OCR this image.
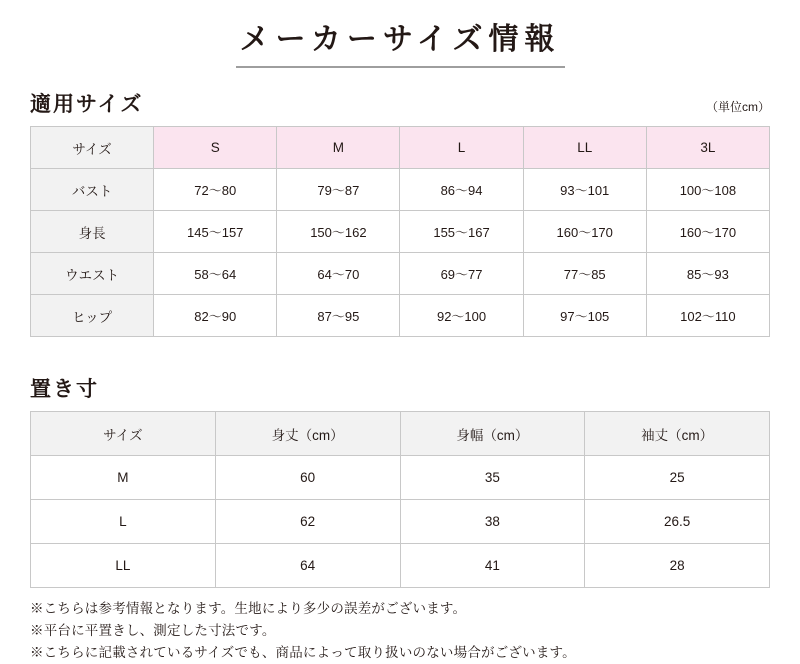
メーカーサイズ情報
適用サイズ	（単位cm）
サイズ	S	M	L	LL	3L
バスト	72〜80	79〜87	86〜94	93〜101	100〜108
身長	145〜157	150〜162	155〜167	160〜170	160〜170
ウエスト	58〜64	64〜70	69〜77	77〜85	85〜93
ヒップ	82〜90	87〜95	92〜100	97〜105	102〜110
置き寸
サイズ	身丈（cm）	身幅（cm）	袖丈（cm）
M	60	35	25
L	62	38	26.5
LL	64	41	28
※こちらは参考情報となります。生地により多少の誤差がございます。
※平台に平置きし、測定した寸法です。
※こちらに記載されているサイズでも、商品によって取り扱いのない場合がございます。
